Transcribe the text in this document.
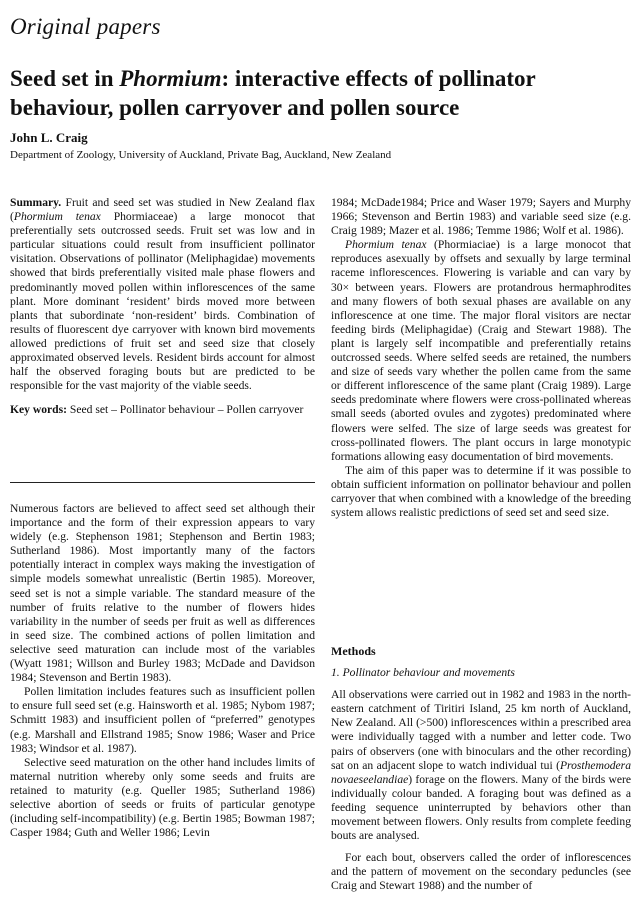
Original papers
Seed set in Phormium: interactive effects of pollinator behaviour, pollen carryover and pollen source
John L. Craig
Department of Zoology, University of Auckland, Private Bag, Auckland, New Zealand

Summary. Fruit and seed set was studied in New Zealand flax (Phormium tenax Phormiaceae) a large monocot that preferentially sets outcrossed seeds. Fruit set was low and in particular situations could result from insufficient pollinator visitation. Observations of pollinator (Meliphagidae) movements showed that birds preferentially visited male phase flowers and predominantly moved pollen within inflorescences of the same plant. More dominant ‘resident’ birds moved more between plants that subordinate ‘non-resident’ birds. Combination of results of fluorescent dye carryover with known bird movements allowed predictions of fruit set and seed size that closely approximated observed levels. Resident birds account for almost half the observed foraging bouts but are predicted to be responsible for the vast majority of the viable seeds.

Key words: Seed set – Pollinator behaviour – Pollen carryover

Numerous factors are believed to affect seed set although their importance and the form of their expression appears to vary widely (e.g. Stephenson 1981; Stephenson and Bertin 1983; Sutherland 1986). Most importantly many of the factors potentially interact in complex ways making the investigation of simple models somewhat unrealistic (Bertin 1985). Moreover, seed set is not a simple variable. The standard measure of the number of fruits relative to the number of flowers hides variability in the number of seeds per fruit as well as differences in seed size. The combined actions of pollen limitation and selective seed maturation can include most of the variables (Wyatt 1981; Willson and Burley 1983; McDade and Davidson 1984; Stevenson and Bertin 1983).

Pollen limitation includes features such as insufficient pollen to ensure full seed set (e.g. Hainsworth et al. 1985; Nybom 1987; Schmitt 1983) and insufficient pollen of “preferred” genotypes (e.g. Marshall and Ellstrand 1985; Snow 1986; Waser and Price 1983; Windsor et al. 1987).

Selective seed maturation on the other hand includes limits of maternal nutrition whereby only some seeds and fruits are retained to maturity (e.g. Queller 1985; Sutherland 1986) selective abortion of seeds or fruits of particular genotype (including self-incompatibility) (e.g. Bertin 1985; Bowman 1987; Casper 1984; Guth and Weller 1986; Levin

1984; McDade1984; Price and Waser 1979; Sayers and Murphy 1966; Stevenson and Bertin 1983) and variable seed size (e.g. Craig 1989; Mazer et al. 1986; Temme 1986; Wolf et al. 1986).

Phormium tenax (Phormiaciae) is a large monocot that reproduces asexually by offsets and sexually by large terminal raceme inflorescences. Flowering is variable and can vary by 30× between years. Flowers are protandrous hermaphrodites and many flowers of both sexual phases are available on any inflorescence at one time. The major floral visitors are nectar feeding birds (Meliphagidae) (Craig and Stewart 1988). The plant is largely self incompatible and preferentially retains outcrossed seeds. Where selfed seeds are retained, the numbers and size of seeds vary whether the pollen came from the same or different inflorescence of the same plant (Craig 1989). Large seeds predominate where flowers were cross-pollinated whereas small seeds (aborted ovules and zygotes) predominated where flowers were selfed. The size of large seeds was greatest for cross-pollinated flowers. The plant occurs in large monotypic formations allowing easy documentation of bird movements.

The aim of this paper was to determine if it was possible to obtain sufficient information on pollinator behaviour and pollen carryover that when combined with a knowledge of the breeding system allows realistic predictions of seed set and seed size.

Methods

1. Pollinator behaviour and movements

All observations were carried out in 1982 and 1983 in the north-eastern catchment of Tiritiri Island, 25 km north of Auckland, New Zealand. All (>500) inflorescences within a prescribed area were individually tagged with a number and letter code. Two pairs of observers (one with binoculars and the other recording) sat on an adjacent slope to watch individual tui (Prosthemodera novaeseelandiae) forage on the flowers. Many of the birds were individually colour banded. A foraging bout was defined as a feeding sequence uninterrupted by behaviors other than movement between flowers. Only results from complete feeding bouts are analysed.

For each bout, observers called the order of inflorescences and the pattern of movement on the secondary peduncles (see Craig and Stewart 1988) and the number of
